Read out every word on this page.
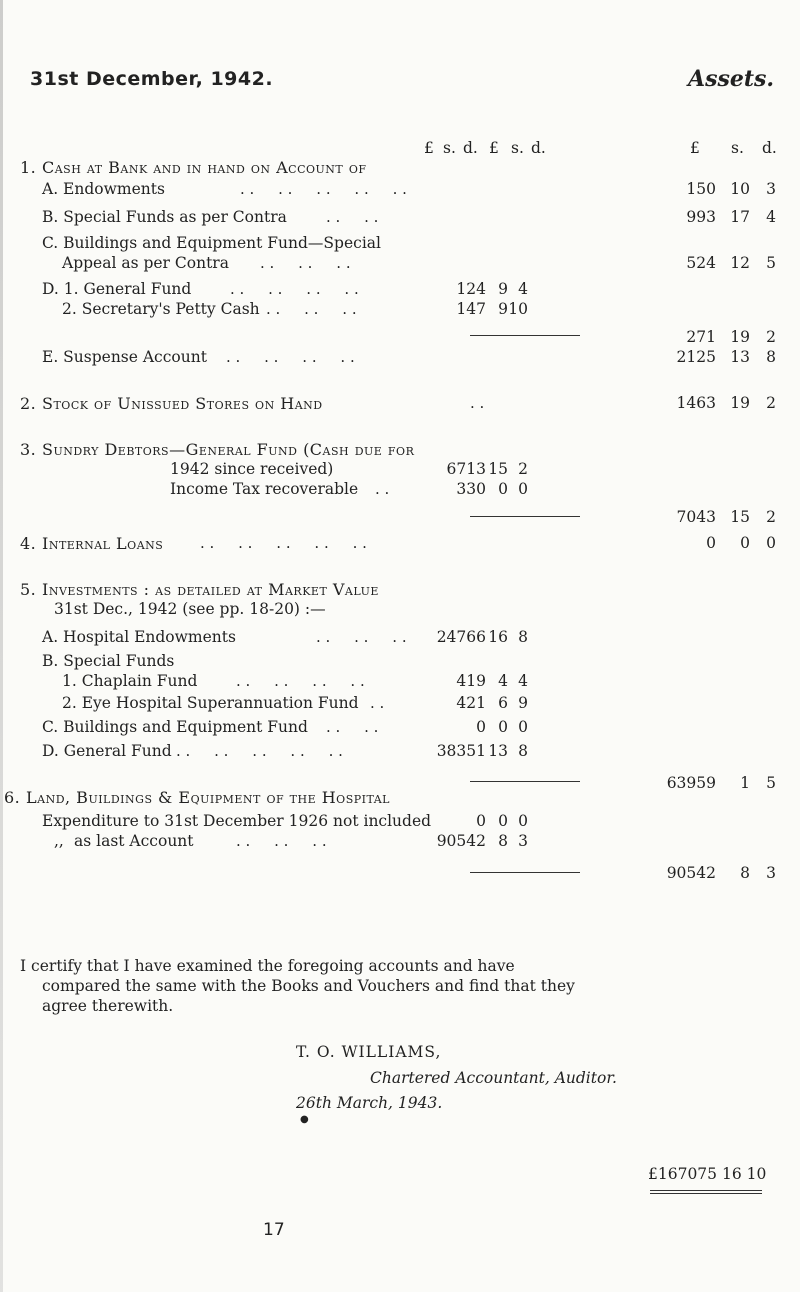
31st December, 1942.	Assets.
£ s. d. £ s. d.	£ s. d.
1. Cash at Bank and in hand on Account of
A. Endowments
B. Special Funds as per Contra
C. Buildings and Equipment Fund—Special
Appeal as per Contra
D. 1. General Fund
2. Secretary's Petty Cash
E. Suspense Account
2. Stock of Unissued Stores on Hand
3. Sundry Debtors—General Fund (Cash due for
1942 since received)
Income Tax recoverable
4. Internal Loans
5. Investments : as detailed at Market Value
31st Dec., 1942 (see pp. 18-20) :—
A. Hospital Endowments
B. Special Funds
1. Chaplain Fund
2. Eye Hospital Superannuation Fund
C. Buildings and Equipment Fund
D. General Fund
6. Land, Buildings & Equipment of the Hospital
Expenditure to 31st December 1926 not included
,, as last Account
. .     . .     . .     . .     . .
. .     . .
. .     . .     . .
. .     . .     . .     . .
. .     . .     . .
. .     . .     . .     . .
. .
. .
. .     . .     . .     . .     . .
. .     . .     . .
. .     . .     . .     . .
. .
. .     . .
. .     . .     . .     . .     . .
. .     . .     . .
150 10 3
993 17 4
524 12 5
124 9 4
147 9 10
271 19 2
2125 13 8
1463 19 2
6713 15 2
330 0 0
7043 15 2
0 0 0
24766 16 8
419 4 4
421 6 9
0 0 0
38351 13 8
63959 1 5
0 0 0
90542 8 3
90542 8 3
I certify that I have examined the foregoing accounts and have
compared the same with the Books and Vouchers and find that they
agree therewith.
T. O. WILLIAMS,
Chartered Accountant, Auditor.
26th March, 1943.
●
£167075 16 10
17
